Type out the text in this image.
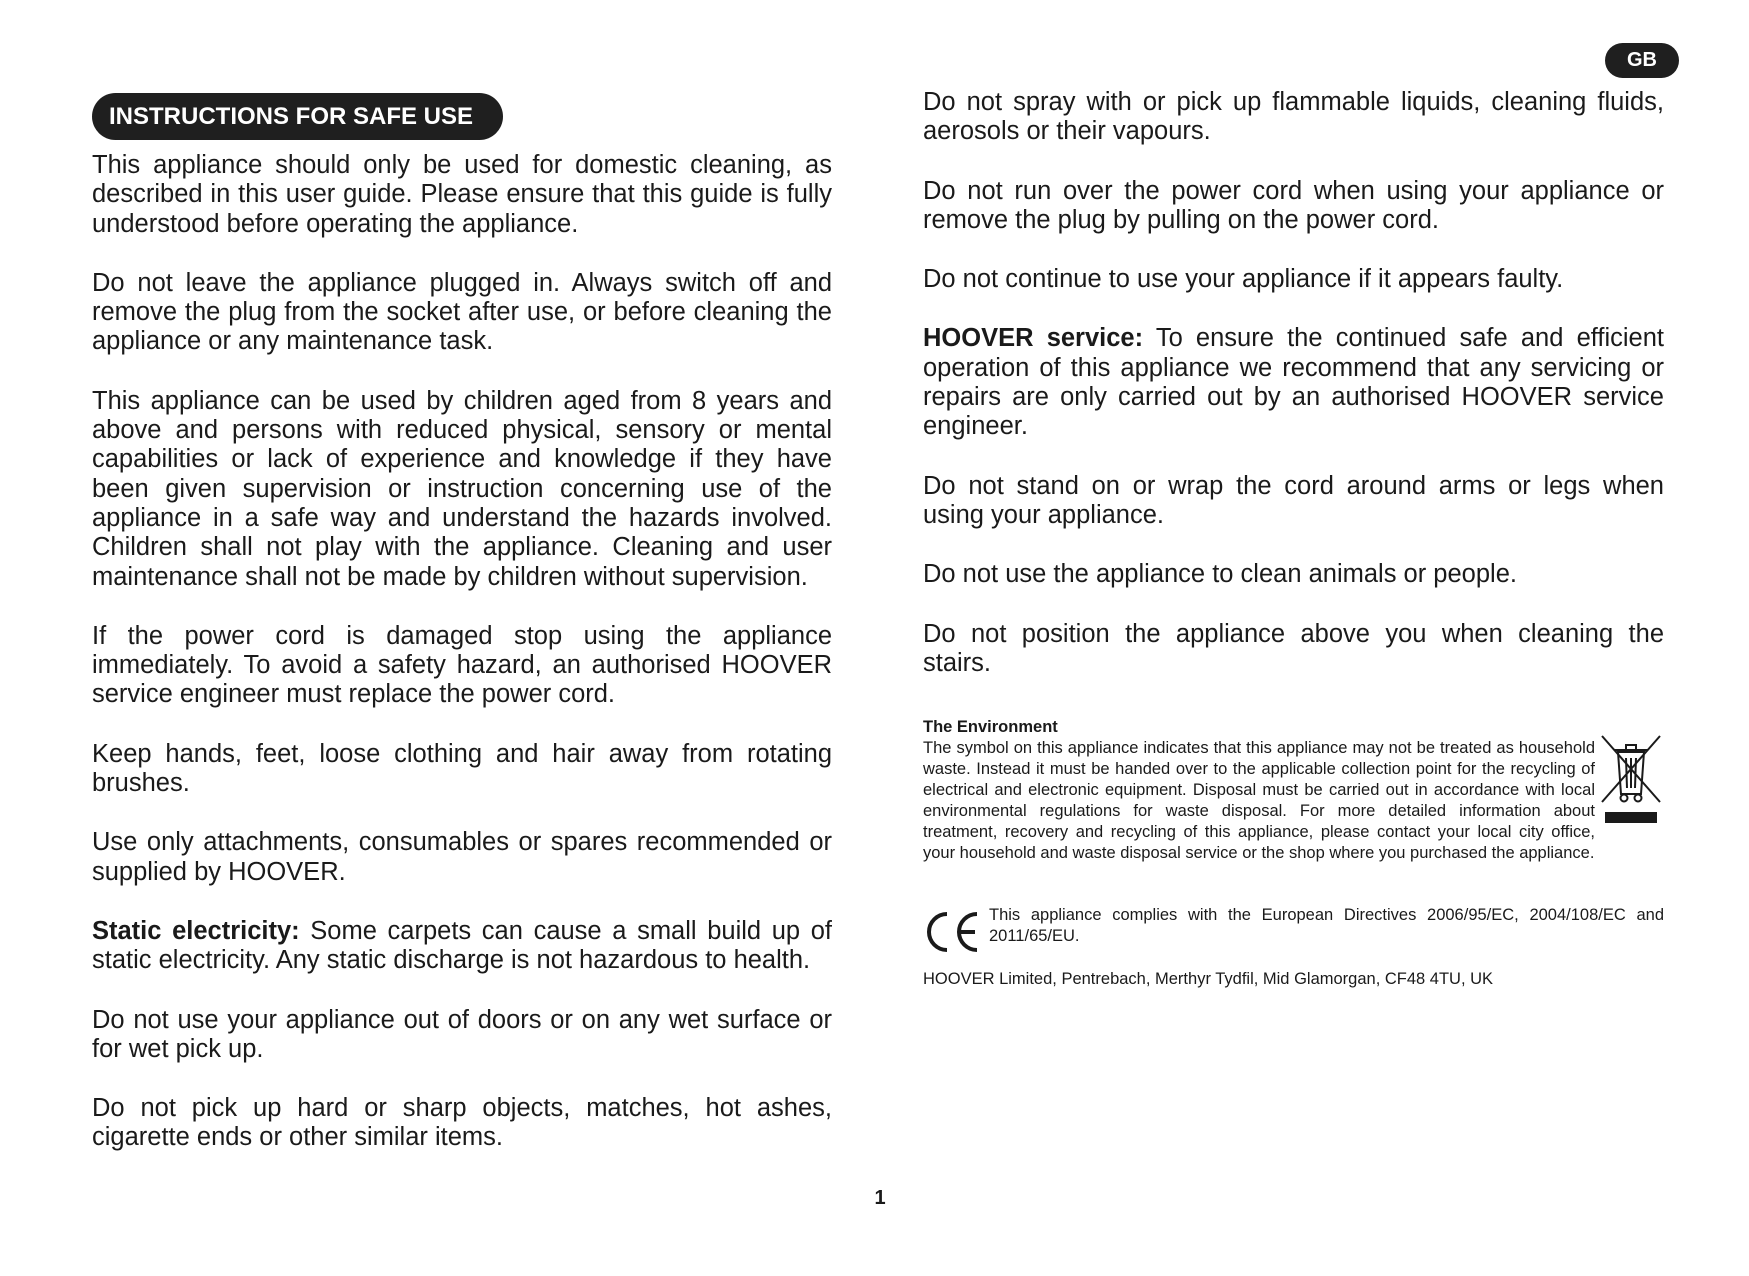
GB
INSTRUCTIONS FOR SAFE USE

This appliance should only be used for domestic cleaning, as described in this user guide. Please ensure that this guide is fully understood before operating the appliance.

Do not leave the appliance plugged in. Always switch off and remove the plug from the socket after use, or before cleaning the appliance or any maintenance task.

This appliance can be used by children aged from 8 years and above and persons with reduced physical, sensory or mental capabilities or lack of experience and knowledge if they have been given supervision or instruction concerning use of the appliance in a safe way and understand the hazards involved. Children shall not play with the appliance. Cleaning and user maintenance shall not be made by children without supervision.

If the power cord is damaged stop using the appliance immediately. To avoid a safety hazard, an authorised HOOVER service engineer must replace the power cord.

Keep hands, feet, loose clothing and hair away from rotating brushes.

Use only attachments, consumables or spares recommended or supplied by HOOVER.

Static electricity: Some carpets can cause a small build up of static electricity. Any static discharge is not hazardous to health.

Do not use your appliance out of doors or on any wet surface or for wet pick up.

Do not pick up hard or sharp objects, matches, hot ashes, cigarette ends or other similar items.

Do not spray with or pick up flammable liquids, cleaning fluids, aerosols or their vapours.

Do not run over the power cord when using your appliance or remove the plug by pulling on the power cord.

Do not continue to use your appliance if it appears faulty.

HOOVER service: To ensure the continued safe and efficient operation of this appliance we recommend that any servicing or repairs are only carried out by an authorised HOOVER service engineer.

Do not stand on or wrap the cord around arms or legs when using your appliance.

Do not use the appliance to clean animals or people.

Do not position the appliance above you when cleaning the stairs.

The Environment

The symbol on this appliance indicates that this appliance may not be treated as household waste. Instead it must be handed over to the applicable collection point for the recycling of electrical and electronic equipment. Disposal must be carried out in accordance with local environmental regulations for waste disposal. For more detailed information about treatment, recovery and recycling of this appliance, please contact your local city office, your household and waste disposal service or the shop where you purchased the appliance.

This appliance complies with the European Directives 2006/95/EC, 2004/108/EC and 2011/65/EU.

HOOVER Limited, Pentrebach, Merthyr Tydfil, Mid Glamorgan, CF48 4TU, UK

1
